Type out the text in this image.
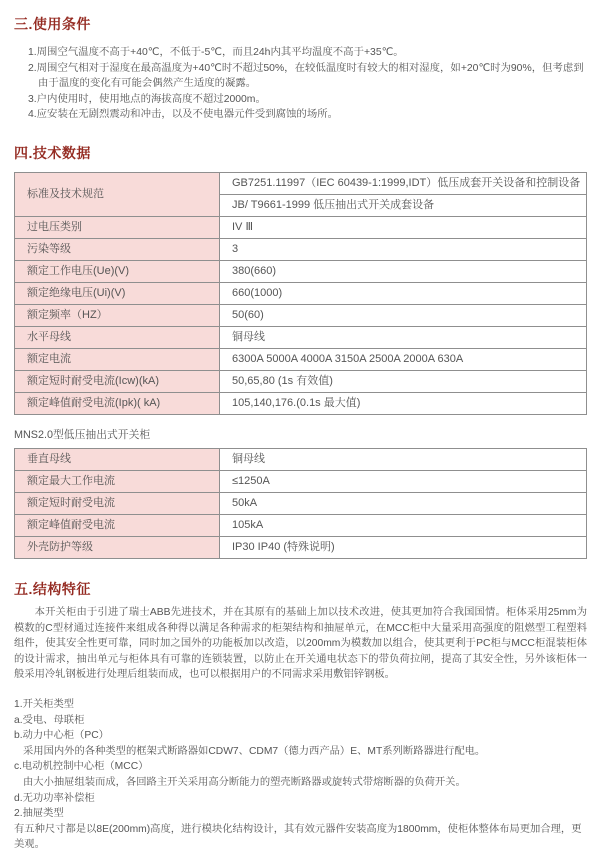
三.使用条件
1.周围空气温度不高于+40℃，不低于-5℃，而且24h内其平均温度不高于+35℃。
2.周围空气相对于湿度在最高温度为+40℃时不超过50%，在较低温度时有较大的相对湿度，如+20℃时为90%，但考虑到由于温度的变化有可能会偶然产生适度的凝露。
3.户内使用时，使用地点的海拔高度不超过2000m。
4.应安装在无剧烈震动和冲击，以及不使电器元件受到腐蚀的场所。
四.技术数据
标准及技术规范	GB7251.11997（IEC 60439-1:1999,IDT）低压成套开关设备和控制设备
	JB/ T9661-1999 低压抽出式开关成套设备
过电压类别	IV Ⅲ
污染等级	3
额定工作电压(Ue)(V)	380(660)
额定绝缘电压(Ui)(V)	660(1000)
额定频率（HZ）	50(60)
水平母线	铜母线
额定电流	6300A 5000A 4000A 3150A 2500A 2000A 630A
额定短时耐受电流(Icw)(kA)	50,65,80 (1s 有效值)
额定峰值耐受电流(Ipk)( kA)	105,140,176.(0.1s 最大值)

MNS2.0型低压抽出式开关柜

垂直母线	铜母线
额定最大工作电流	≤1250A
额定短时耐受电流	50kA
额定峰值耐受电流	105kA
外壳防护等级	IP30 IP40 (特殊说明)
五.结构特征

本开关柜由于引进了瑞士ABB先进技术，并在其原有的基础上加以技术改进，使其更加符合我国国情。柜体采用25mm为模数的C型材通过连接件来组成各种得以满足各种需求的柜架结构和抽屉单元，在MCC柜中大量采用高强度的阻燃型工程塑料组件，使其安全性更可靠，同时加之国外的功能板加以改造，以200mm为模数加以组合，使其更利于PC柜与MCC柜混装柜体的设计需求，抽出单元与柜体具有可靠的连锁装置，以防止在开关通电状态下的带负荷拉闸，提高了其安全性，另外该柜体一般采用冷轧钢板进行处理后组装而成，也可以根据用户的不同需求采用敷铝锌钢板。

1.开关柜类型
a.受电、母联柜
b.动力中心柜（PC）
采用国内外的各种类型的框架式断路器如CDW7、CDM7（德力西产品）E、MT系列断路器进行配电。
c.电动机控制中心柜（MCC）
由大小抽屉组装而成，各回路主开关采用高分断能力的塑壳断路器或旋转式带熔断器的负荷开关。
d.无功功率补偿柜
2.抽屉类型
有五种尺寸都是以8E(200mm)高度，进行模块化结构设计，其有效元器件安装高度为1800mm，使柜体整体布局更加合理，更美观。
